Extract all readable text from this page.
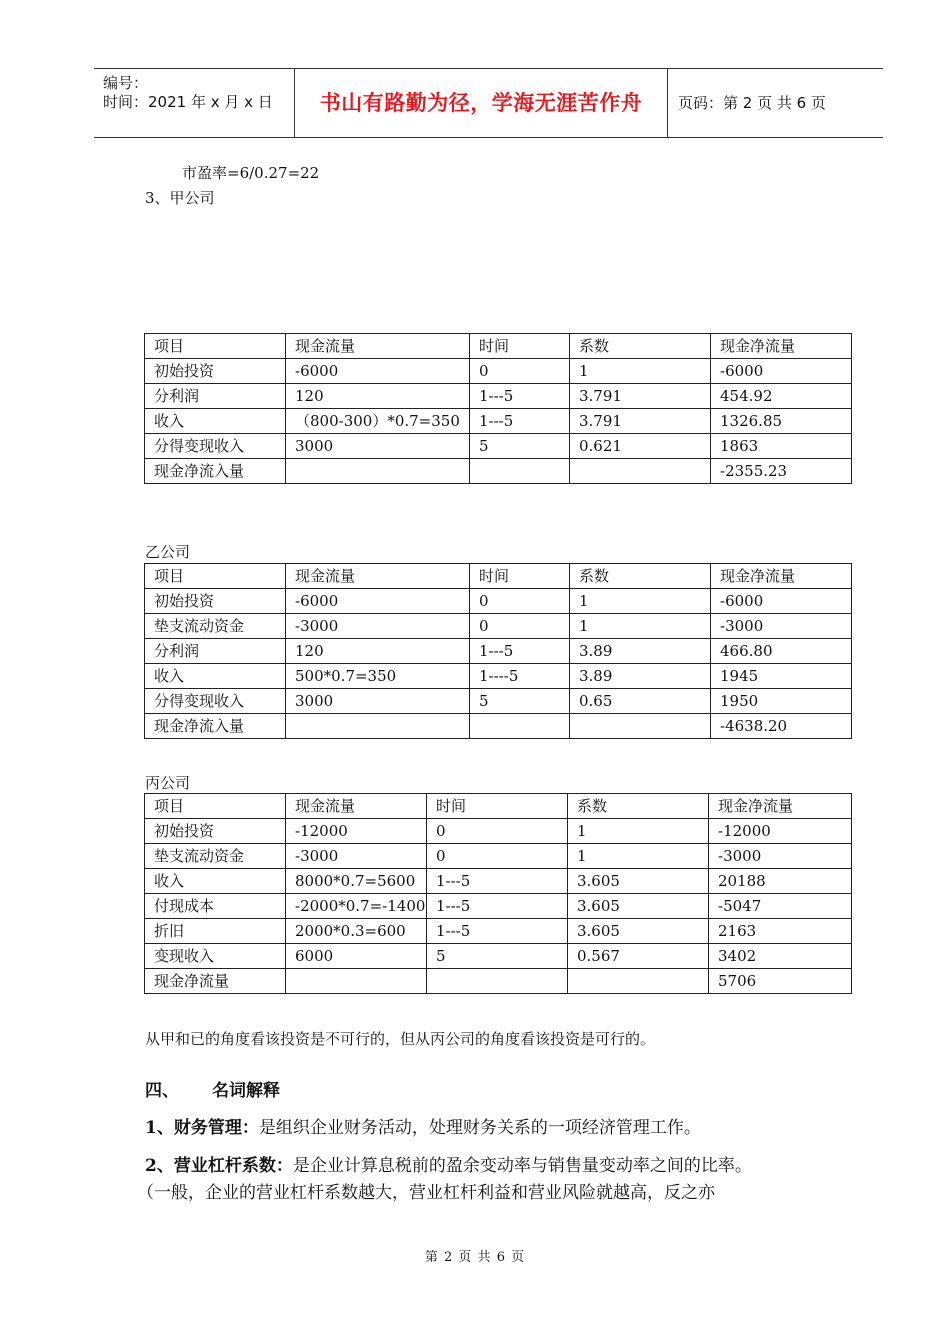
编号：
时间：2021 年 x 月 x 日	书山有路勤为径，学海无涯苦作舟	页码：第 2 页 共 6 页
市盈率=6/0.27=22
3、甲公司
项目	现金流量	时间	系数	现金净流量
初始投资	-6000	0	1	-6000
分利润	120	1---5	3.791	454.92
收入	（800-300）*0.7=350	1---5	3.791	1326.85
分得变现收入	3000	5	0.621	1863
现金净流入量				-2355.23
乙公司
项目	现金流量	时间	系数	现金净流量
初始投资	-6000	0	1	-6000
垫支流动资金	-3000	0	1	-3000
分利润	120	1---5	3.89	466.80
收入	500*0.7=350	1----5	3.89	1945
分得变现收入	3000	5	0.65	1950
现金净流入量				-4638.20
丙公司
项目	现金流量	时间	系数	现金净流量
初始投资	-12000	0	1	-12000
垫支流动资金	-3000	0	1	-3000
收入	8000*0.7=5600	1---5	3.605	20188
付现成本	-2000*0.7=-1400	1---5	3.605	-5047
折旧	2000*0.3=600	1---5	3.605	2163
变现收入	6000	5	0.567	3402
现金净流量				5706
从甲和已的角度看该投资是不可行的，但从丙公司的角度看该投资是可行的。
四、 名词解释
1、财务管理：是组织企业财务活动，处理财务关系的一项经济管理工作。
2、营业杠杆系数：是企业计算息税前的盈余变动率与销售量变动率之间的比率。
（一般，企业的营业杠杆系数越大，营业杠杆利益和营业风险就越高，反之亦
第 2 页 共 6 页
